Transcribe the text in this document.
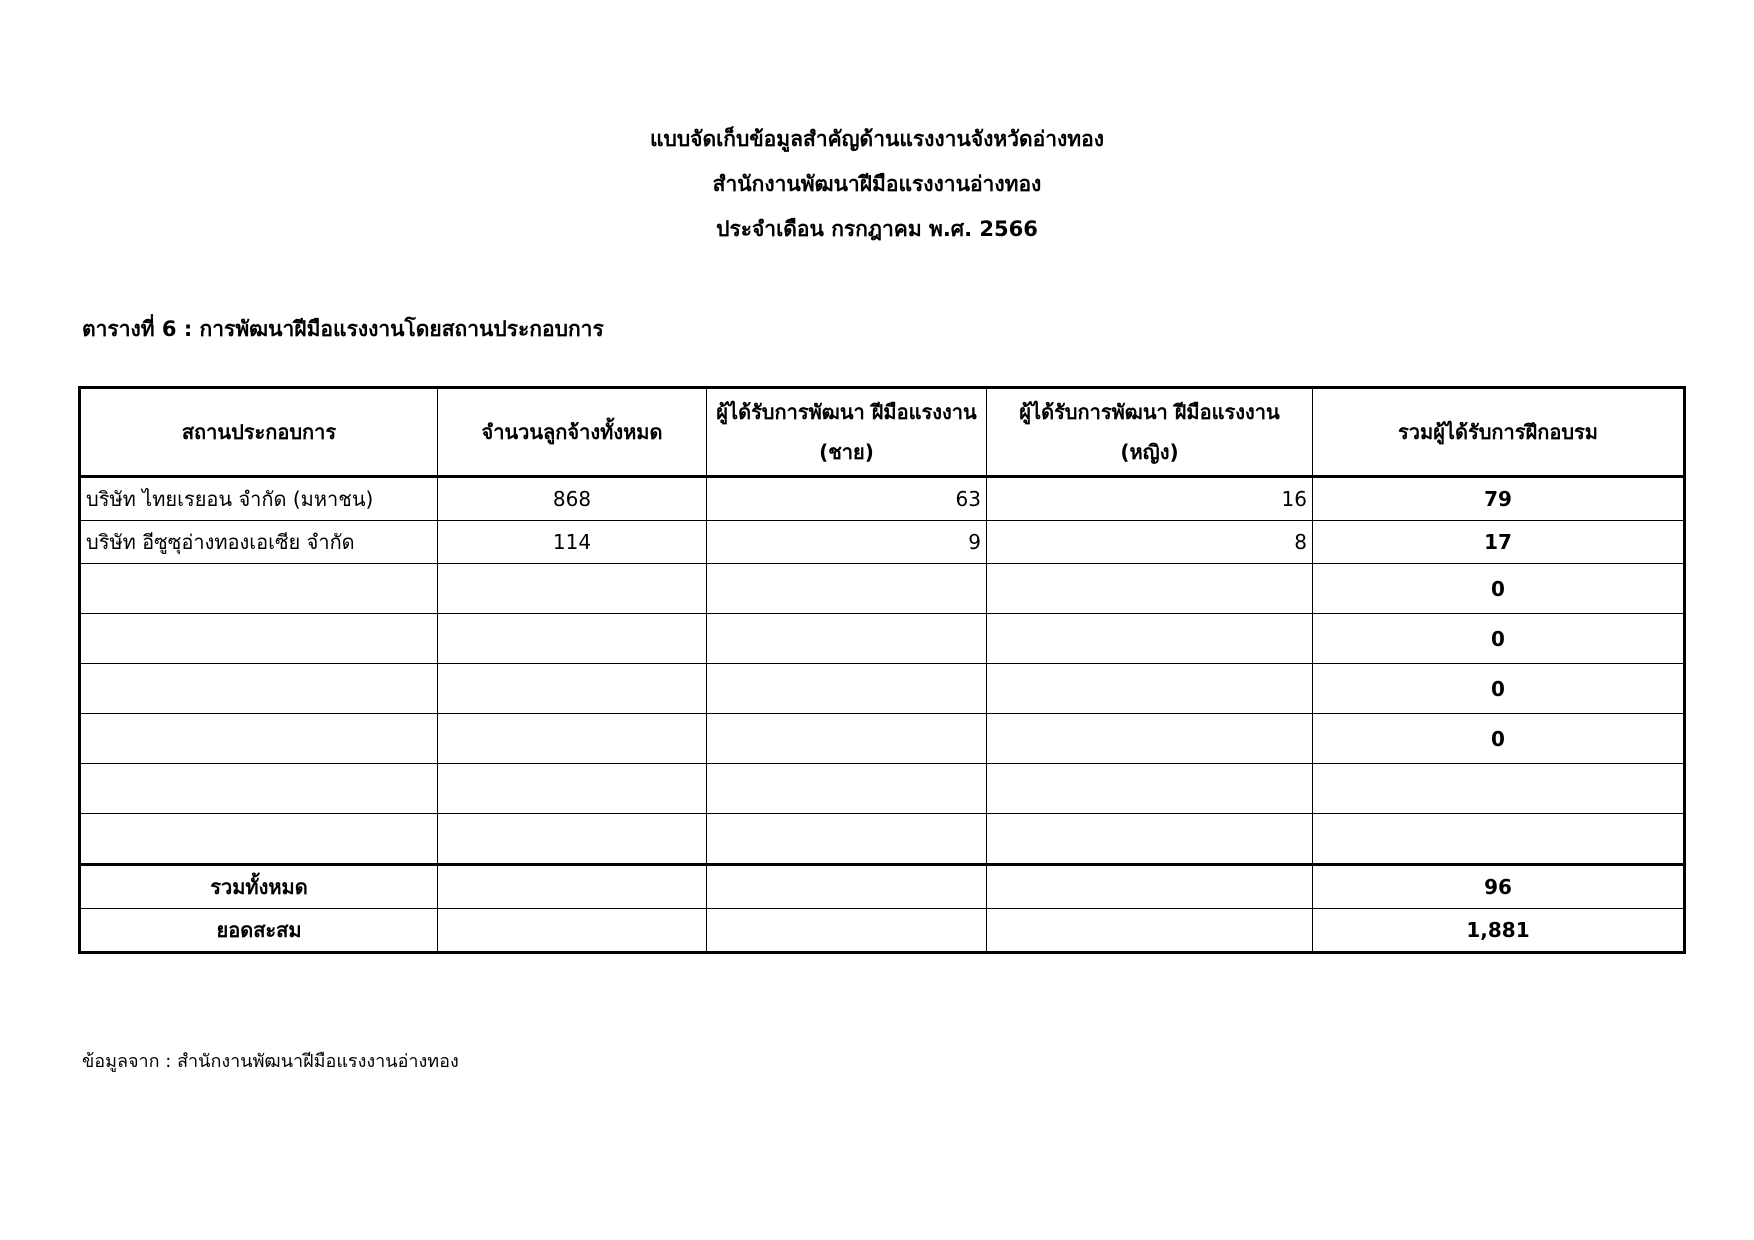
แบบจัดเก็บข้อมูลสำคัญด้านแรงงานจังหวัดอ่างทอง
สำนักงานพัฒนาฝีมือแรงงานอ่างทอง
ประจำเดือน กรกฎาคม พ.ศ. 2566
ตารางที่ 6 : การพัฒนาฝีมือแรงงานโดยสถานประกอบการ
สถานประกอบการ	จำนวนลูกจ้างทั้งหมด	ผู้ได้รับการพัฒนา ฝีมือแรงงาน (ชาย)	ผู้ได้รับการพัฒนา ฝีมือแรงงาน (หญิง)	รวมผู้ได้รับการฝึกอบรม
บริษัท ไทยเรยอน จำกัด (มหาชน)	868	63	16	79
บริษัท อีซูซุอ่างทองเอเซีย จำกัด	114	9	8	17
				0
				0
				0
				0

รวมทั้งหมด				96
ยอดสะสม				1,881
ข้อมูลจาก : สำนักงานพัฒนาฝีมือแรงงานอ่างทอง
